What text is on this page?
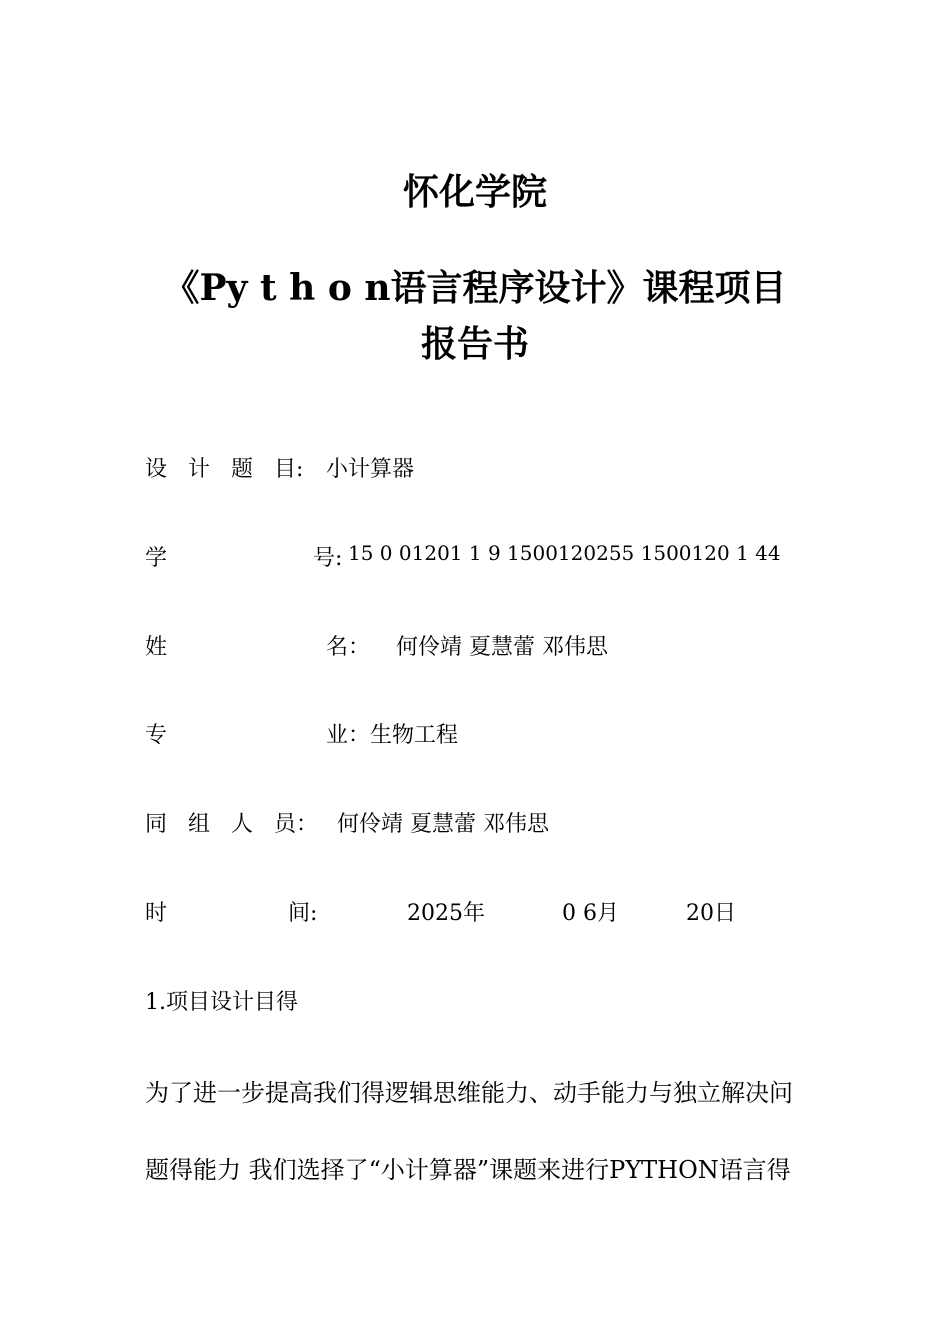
怀化学院
《Py t h o n语言程序设计》课程项目
报告书
设 计 题 目: 小计算器
学	号: 15 0 01201 1 9 1500120255 1500120 1 44
姓	名： 何伶靖 夏慧蕾 邓伟思
专	业： 生物工程
同 组 人 员： 何伶靖 夏慧蕾 邓伟思
时	间:	2025年	0 6月	20日
1.项目设计目得
为了进一步提高我们得逻辑思维能力、动手能力与独立解决问
题得能力 我们选择了“小计算器”课题来进行PYTHON语言得
